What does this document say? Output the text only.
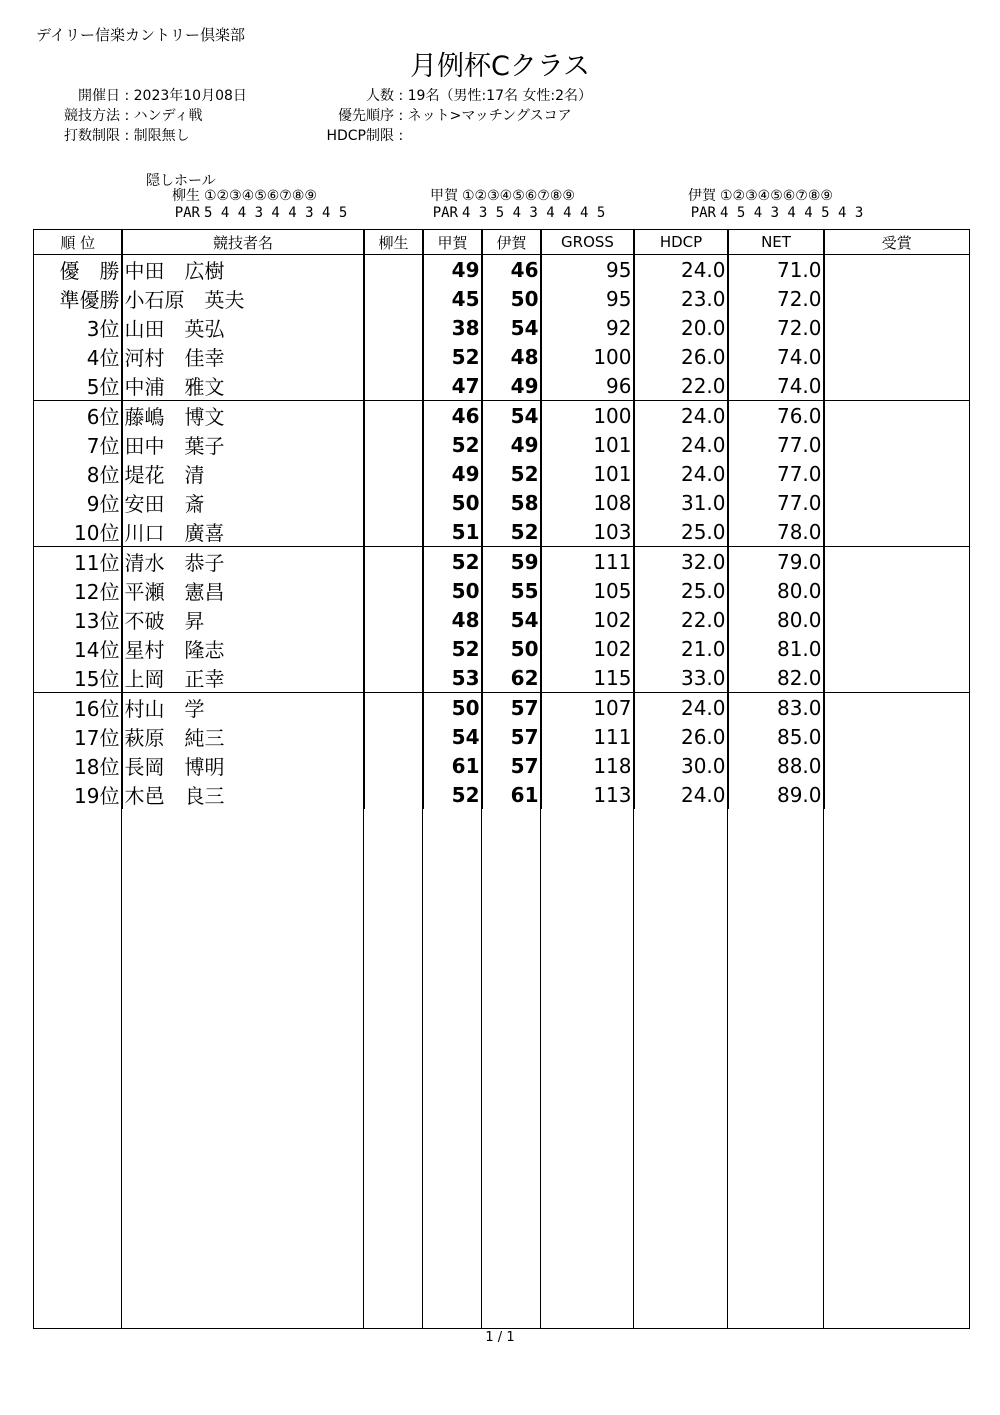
デイリー信楽カントリー倶楽部
月例杯Cクラス
開催日 : 2023年10月08日
競技方法 : ハンディ戦
打数制限 : 制限無し
人数 : 19名（男性:17名 女性:2名）
優先順序 : ネット>マッチングスコア
HDCP制限 :
隠しホール
柳生 ①②③④⑤⑥⑦⑧⑨
PAR 5 4 4 3 4 4 3 4 5
甲賀 ①②③④⑤⑥⑦⑧⑨
PAR 4 3 5 4 3 4 4 4 5
伊賀 ①②③④⑤⑥⑦⑧⑨
PAR 4 5 4 3 4 4 5 4 3
順 位	競技者名	柳生	甲賀	伊賀	GROSS	HDCP	NET	受賞
優　勝	中田　広樹		49	46	95	24.0	71.0	
準優勝	小石原　英夫		45	50	95	23.0	72.0	
3位	山田　英弘		38	54	92	20.0	72.0	
4位	河村　佳幸		52	48	100	26.0	74.0	
5位	中浦　雅文		47	49	96	22.0	74.0	
6位	藤嶋　博文		46	54	100	24.0	76.0	
7位	田中　葉子		52	49	101	24.0	77.0	
8位	堤花　清		49	52	101	24.0	77.0	
9位	安田　斎		50	58	108	31.0	77.0	
10位	川口　廣喜		51	52	103	25.0	78.0	
11位	清水　恭子		52	59	111	32.0	79.0	
12位	平瀬　憲昌		50	55	105	25.0	80.0	
13位	不破　昇		48	54	102	22.0	80.0	
14位	星村　隆志		52	50	102	21.0	81.0	
15位	上岡　正幸		53	62	115	33.0	82.0	
16位	村山　学		50	57	107	24.0	83.0	
17位	萩原　純三		54	57	111	26.0	85.0	
18位	長岡　博明		61	57	118	30.0	88.0	
19位	木邑　良三		52	61	113	24.0	89.0	
1 / 1
